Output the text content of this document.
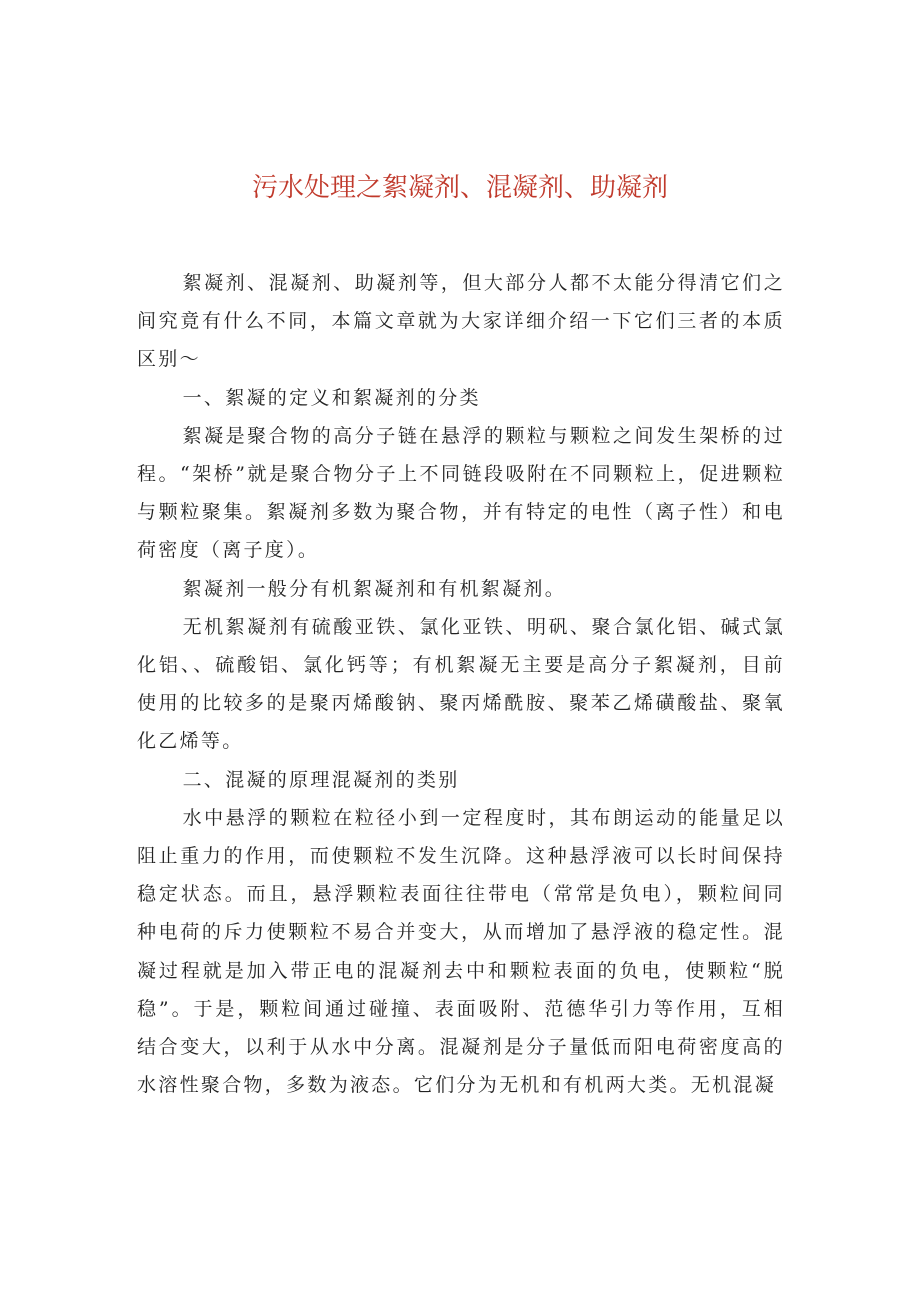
污水处理之絮凝剂、混凝剂、助凝剂

絮凝剂、混凝剂、助凝剂等，但大部分人都不太能分得清它们之间究竟有什么不同，本篇文章就为大家详细介绍一下它们三者的本质区别～

一、絮凝的定义和絮凝剂的分类

絮凝是聚合物的高分子链在悬浮的颗粒与颗粒之间发生架桥的过程。“架桥”就是聚合物分子上不同链段吸附在不同颗粒上，促进颗粒与颗粒聚集。絮凝剂多数为聚合物，并有特定的电性（离子性）和电荷密度（离子度）。

絮凝剂一般分有机絮凝剂和有机絮凝剂。

无机絮凝剂有硫酸亚铁、氯化亚铁、明矾、聚合氯化铝、碱式氯化铝、、硫酸铝、氯化钙等；有机絮凝无主要是高分子絮凝剂，目前使用的比较多的是聚丙烯酸钠、聚丙烯酰胺、聚苯乙烯磺酸盐、聚氧化乙烯等。

二、混凝的原理混凝剂的类别

水中悬浮的颗粒在粒径小到一定程度时，其布朗运动的能量足以阻止重力的作用，而使颗粒不发生沉降。这种悬浮液可以长时间保持稳定状态。而且，悬浮颗粒表面往往带电（常常是负电），颗粒间同种电荷的斥力使颗粒不易合并变大，从而增加了悬浮液的稳定性。混凝过程就是加入带正电的混凝剂去中和颗粒表面的负电，使颗粒“脱稳”。于是，颗粒间通过碰撞、表面吸附、范德华引力等作用，互相结合变大，以利于从水中分离。混凝剂是分子量低而阳电荷密度高的水溶性聚合物，多数为液态。它们分为无机和有机两大类。无机混凝
